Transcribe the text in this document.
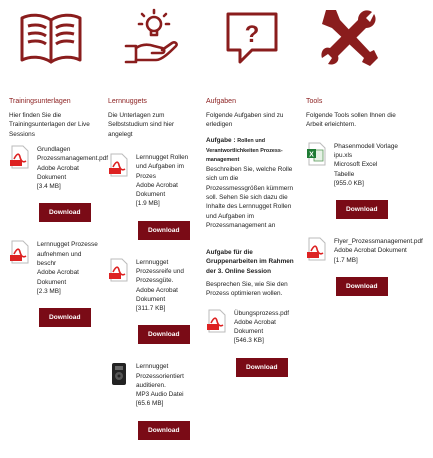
?
Trainingsunterlagen
Hier finden Sie die Trainingsunterlagen der Live Sessions
Grundlagen Prozessmanagement.pdf
Adobe Acrobat Dokument
[3.4 MB]
Download
Lernnugget Prozesse aufnehmen und beschr
Adobe Acrobat Dokument
[2.3 MB]
Download
Lernnuggets
Die Unterlagen zum Selbststudium sind hier angelegt
Lernnugget Rollen und Aufgaben im Prozes
Adobe Acrobat Dokument
[1.9 MB]
Download
Lernnugget Prozessreife und Prozessgüte.
Adobe Acrobat Dokument
[311.7 KB]
Download
Lernnugget Prozessorientiert auditieren.
MP3 Audio Datei
[65.6 MB]
Download
Aufgaben
Folgende Aufgaben sind zu erledigen
Aufgabe : Rollen und Verantwortlichkeiten Prozess-management
Beschreiben Sie, welche Rolle sich um die Prozessmessgrößen kümmern soll. Sehen Sie sich dazu die Inhalte des Lernnugget Rollen und Aufgaben im Prozessmanagement an
Aufgabe für die Gruppenarbeiten im Rahmen der 3. Online Session
Besprechen Sie, wie Sie den Prozess optimieren wollen.
Übungsprozess.pdf
Adobe Acrobat Dokument
[546.3 KB]
Download
Tools
Folgende Tools sollen Ihnen die Arbeit erleichtern.
X
Phasenmodell Vorlage ipu.xls
Microsoft Excel Tabelle
[955.0 KB]
Download
Flyer_Prozessmanagement.pdf
Adobe Acrobat Dokument
[1.7 MB]
Download
